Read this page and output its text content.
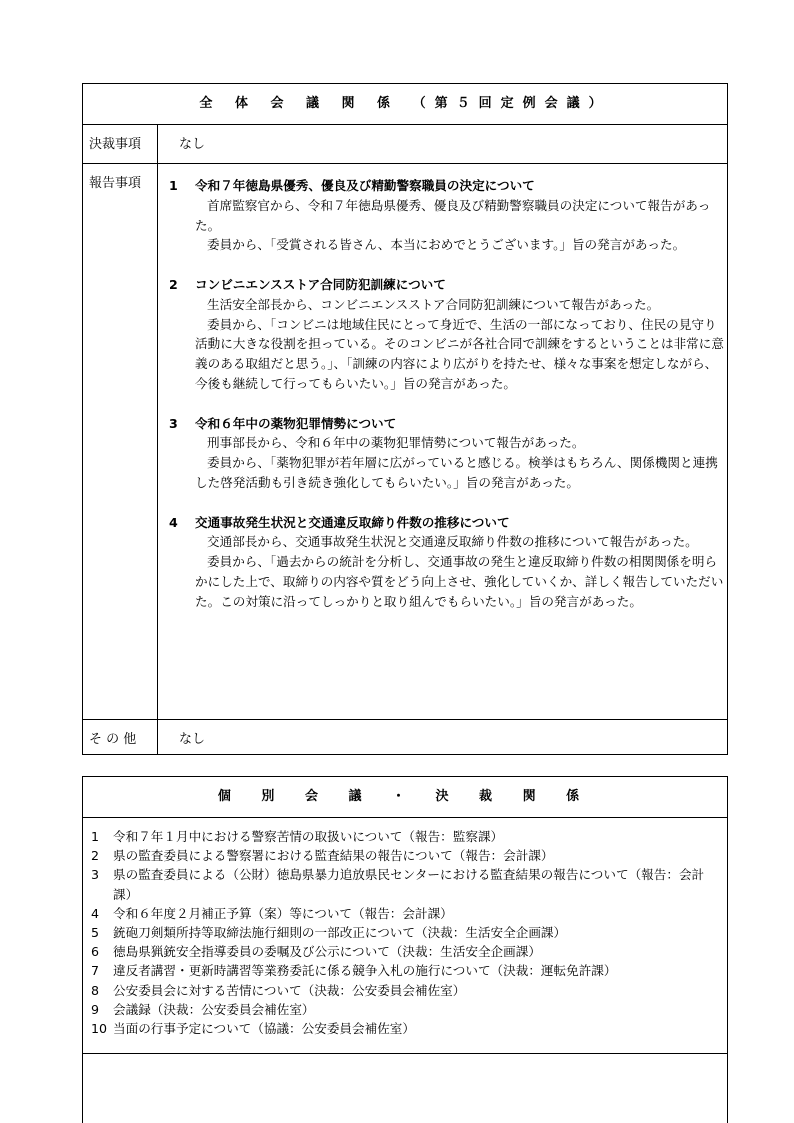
全 体 会 議 関 係 （第５回定例会議）
決裁事項	なし
報告事項 1 令和７年徳島県優秀、優良及び精勤警察職員の決定について
首席監察官から、令和７年徳島県優秀、優良及び精勤警察職員の決定について報告があった。
委員から、「受賞される皆さん、本当におめでとうございます。」旨の発言があった。
2 コンビニエンスストア合同防犯訓練について
生活安全部長から、コンビニエンスストア合同防犯訓練について報告があった。
委員から、「コンビニは地域住民にとって身近で、生活の一部になっており、住民の見守り活動に大きな役割を担っている。そのコンビニが各社合同で訓練をするということは非常に意義のある取組だと思う。」、「訓練の内容により広がりを持たせ、様々な事案を想定しながら、今後も継続して行ってもらいたい。」旨の発言があった。
3 令和６年中の薬物犯罪情勢について
刑事部長から、令和６年中の薬物犯罪情勢について報告があった。
委員から、「薬物犯罪が若年層に広がっていると感じる。検挙はもちろん、関係機関と連携した啓発活動も引き続き強化してもらいたい。」旨の発言があった。
4 交通事故発生状況と交通違反取締り件数の推移について
交通部長から、交通事故発生状況と交通違反取締り件数の推移について報告があった。
委員から、「過去からの統計を分析し、交通事故の発生と違反取締り件数の相関関係を明らかにした上で、取締りの内容や質をどう向上させ、強化していくか、詳しく報告していただいた。この対策に沿ってしっかりと取り組んでもらいたい。」旨の発言があった。
そ の 他	なし
個 別 会 議 ・ 決 裁 関 係
1	令和７年１月中における警察苦情の取扱いについて（報告：監察課）
2	県の監査委員による警察署における監査結果の報告について（報告：会計課）
3	県の監査委員による（公財）徳島県暴力追放県民センターにおける監査結果の報告について（報告：会計課）
4	令和６年度２月補正予算（案）等について（報告：会計課）
5	銃砲刀剣類所持等取締法施行細則の一部改正について（決裁：生活安全企画課）
6	徳島県猟銃安全指導委員の委嘱及び公示について（決裁：生活安全企画課）
7	違反者講習・更新時講習等業務委託に係る競争入札の施行について（決裁：運転免許課）
8	公安委員会に対する苦情について（決裁：公安委員会補佐室）
9	会議録（決裁：公安委員会補佐室）
10 当面の行事予定について（協議：公安委員会補佐室）
